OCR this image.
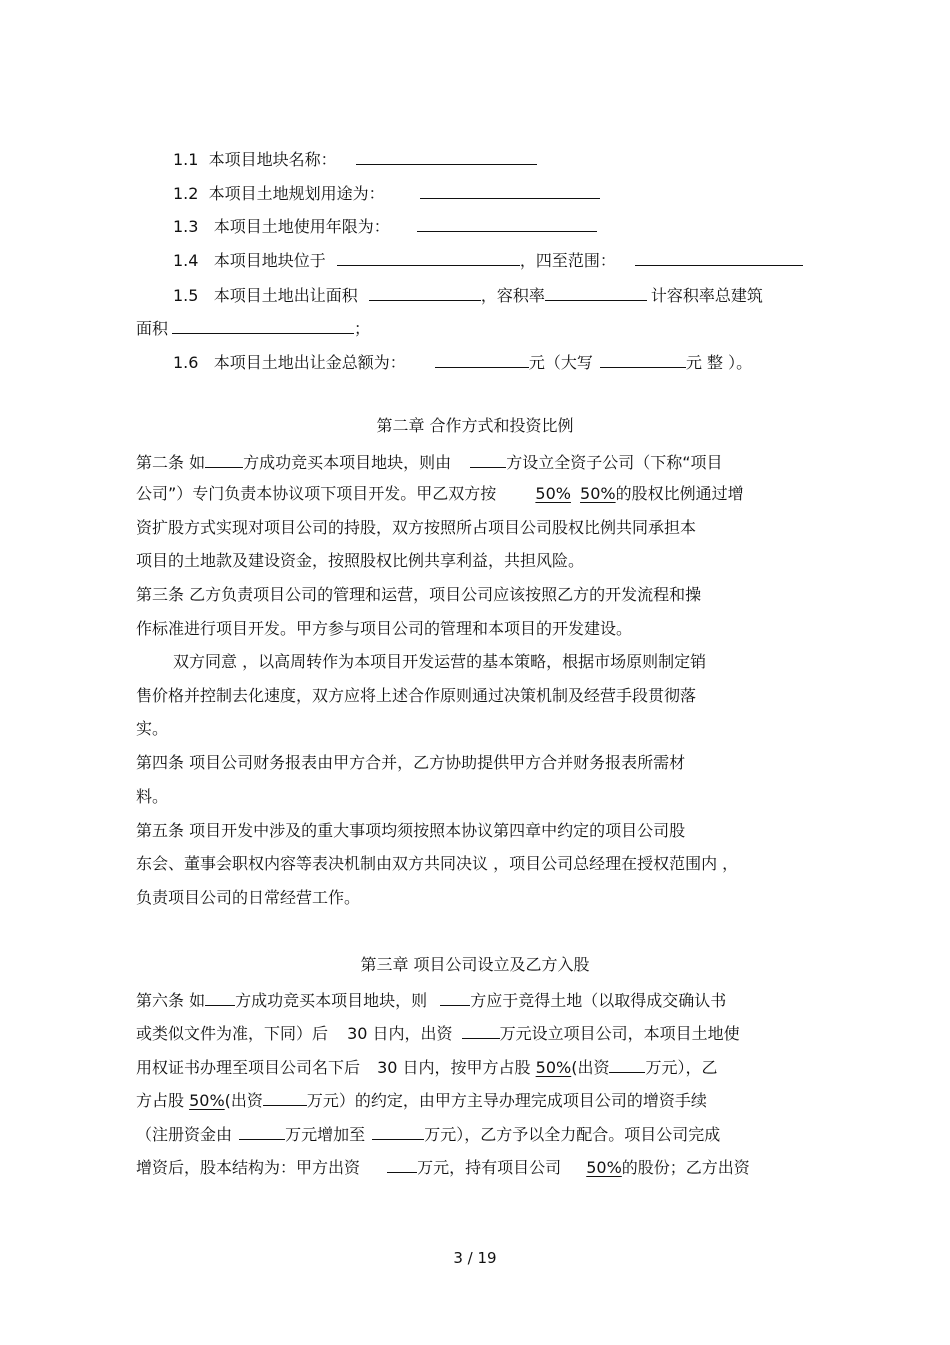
1.1 本项目地块名称：
1.2 本项目土地规划用途为：
1.3 本项目土地使用年限为：
1.4 本项目地块位于	，四至范围：
1.5 本项目土地出让面积	，容积率	计容积率总建筑
面积	；
1.6 本项目土地出让金总额为：	元（大写	元 整 ）。
第二章 合作方式和投资比例
第二条 如 方成功竞买本项目地块，则由	方设立全资子公司（下称“项目
公司”）专门负责本协议项下项目开发。甲乙双方按 50% 50%的股权比例通过增
资扩股方式实现对项目公司的持股，双方按照所占项目公司股权比例共同承担本
项目的土地款及建设资金，按照股权比例共享利益，共担风险。
第三条 乙方负责项目公司的管理和运营，项目公司应该按照乙方的开发流程和操
作标准进行项目开发。甲方参与项目公司的管理和本项目的开发建设。
双方同意 ，以高周转作为本项目开发运营的基本策略，根据市场原则制定销
售价格并控制去化速度，双方应将上述合作原则通过决策机制及经营手段贯彻落
实。
第四条 项目公司财务报表由甲方合并，乙方协助提供甲方合并财务报表所需材
料。
第五条 项目开发中涉及的重大事项均须按照本协议第四章中约定的项目公司股
东会、董事会职权内容等表决机制由双方共同决议 ，项目公司总经理在授权范围内 ，
负责项目公司的日常经营工作。
第三章 项目公司设立及乙方入股
第六条 如 方成功竞买本项目地块，则	方应于竞得土地（以取得成交确认书
或类似文件为准，下同）后 30 日内，出资	万元设立项目公司，本项目土地使
用权证书办理至项目公司名下后 30 日内，按甲方占股 50%(出资 万元），乙
方占股 50%(出资	万元）的约定，由甲方主导办理完成项目公司的增资手续
（注册资金由	万元增加至	万元），乙方予以全力配合。项目公司完成
增资后，股本结构为：甲方出资	万元，持有项目公司 50%的股份；乙方出资
3 / 19
